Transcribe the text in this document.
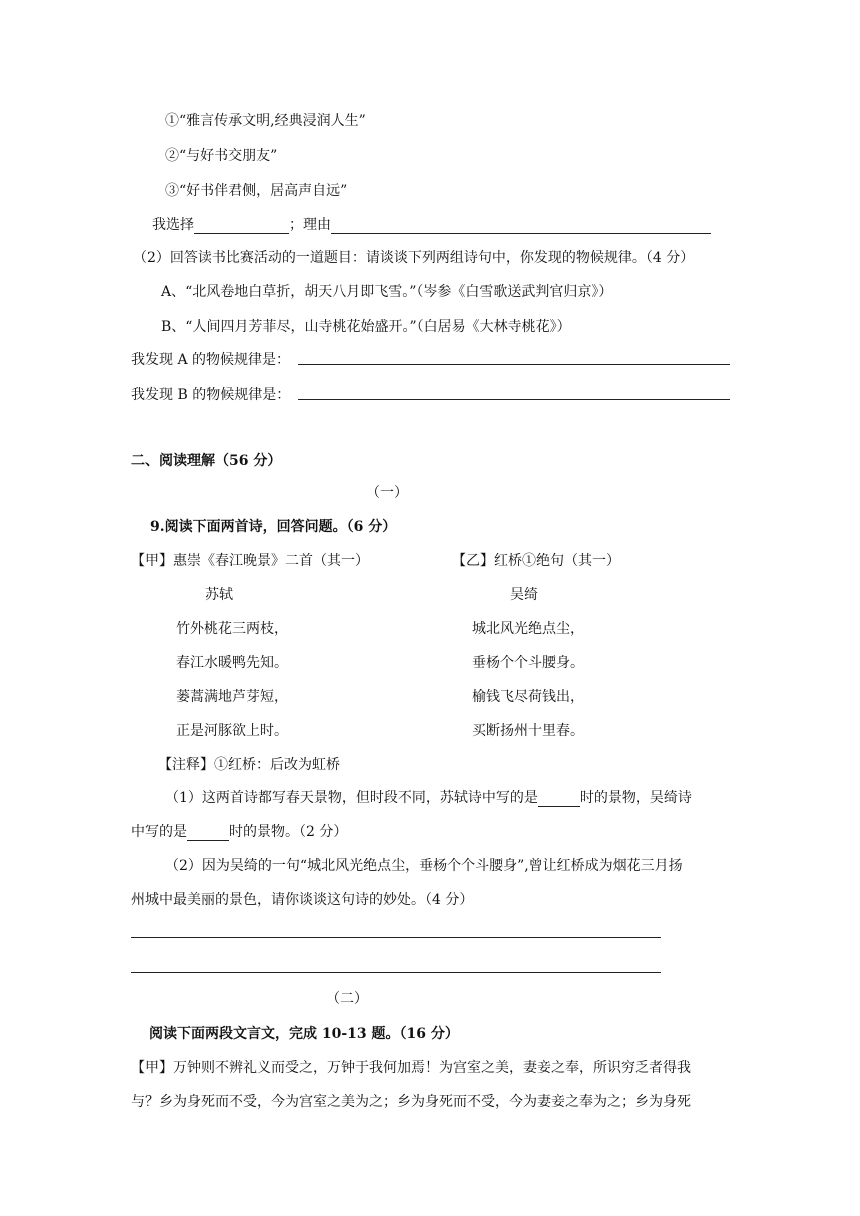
①“雅言传承文明,经典浸润人生”
②“与好书交朋友”
③“好书伴君侧，居高声自远”
我选择	；理由
（2）回答读书比赛活动的一道题目：请谈谈下列两组诗句中，你发现的物候规律。（4 分）
A、“北风卷地白草折，胡天八月即飞雪。”（岑参《白雪歌送武判官归京》）
B、“人间四月芳菲尽，山寺桃花始盛开。”（白居易《大林寺桃花》）
我发现 A 的物候规律是：
我发现 B 的物候规律是：
二、阅读理解（56 分）
（一）
9.阅读下面两首诗，回答问题。（6 分）
【甲】惠崇《春江晚景》二首（其一）
苏轼
竹外桃花三两枝，
春江水暖鸭先知。
蒌蒿满地芦芽短，
正是河豚欲上时。
【乙】红桥①绝句（其一）
吴绮
城北风光绝点尘，
垂杨个个斗腰身。
榆钱飞尽荷钱出，
买断扬州十里春。
【注释】①红桥：后改为虹桥
（1）这两首诗都写春天景物，但时段不同，苏轼诗中写的是	时的景物，吴绮诗
中写的是	时的景物。（2 分）
（2）因为吴绮的一句“城北风光绝点尘，垂杨个个斗腰身”,曾让红桥成为烟花三月扬
州城中最美丽的景色，请你谈谈这句诗的妙处。（4 分）
（二）
阅读下面两段文言文，完成 10-13 题。（16 分）
【甲】万钟则不辨礼义而受之，万钟于我何加焉！为宫室之美，妻妾之奉，所识穷乏者得我
与？乡为身死而不受，今为宫室之美为之；乡为身死而不受，今为妻妾之奉为之；乡为身死
